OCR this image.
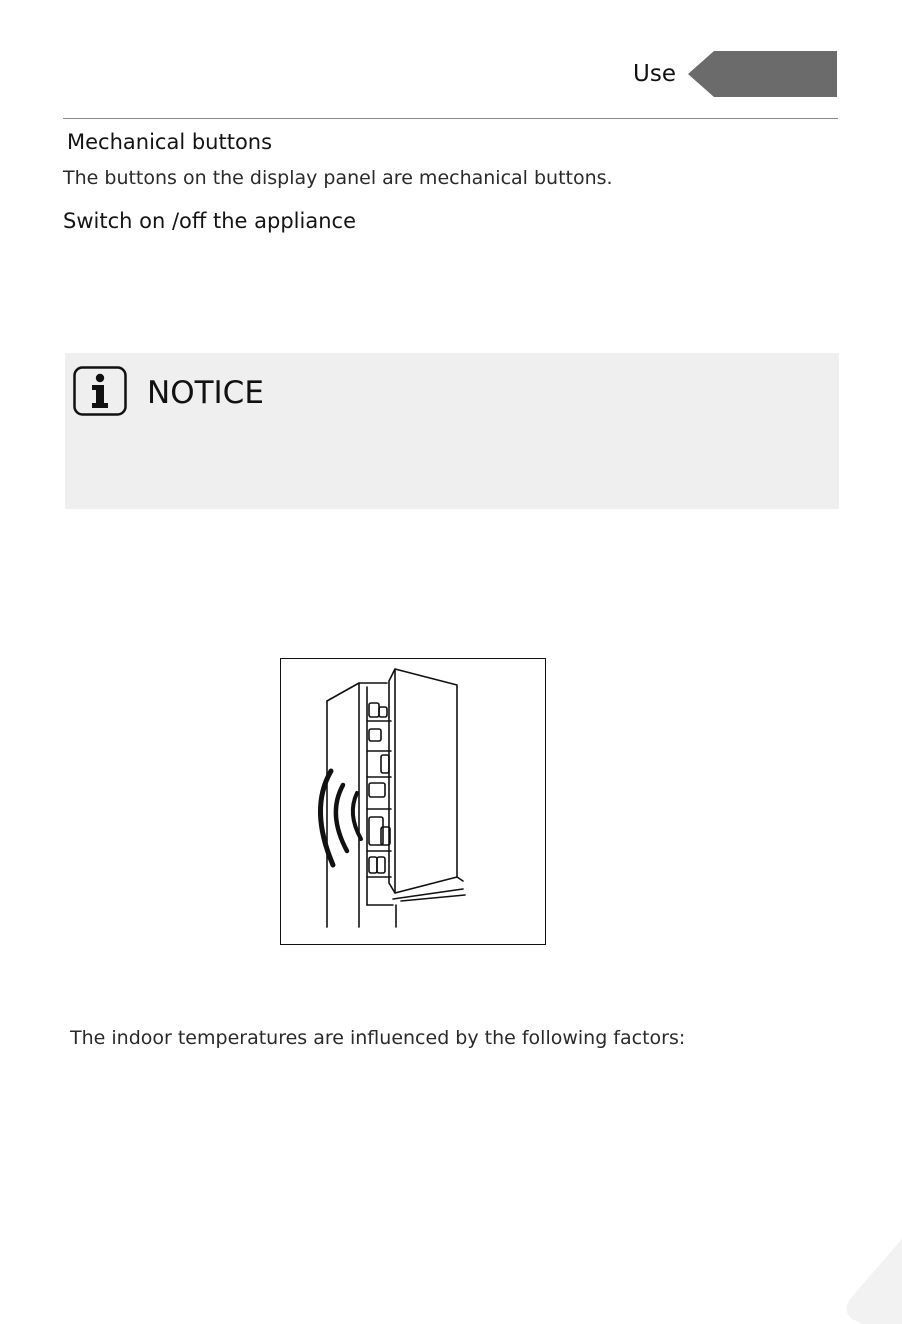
Use
Mechanical buttons
The buttons on the display panel are mechanical buttons.
Switch on /off the appliance
NOTICE
The indoor temperatures are influenced by the following factors:
